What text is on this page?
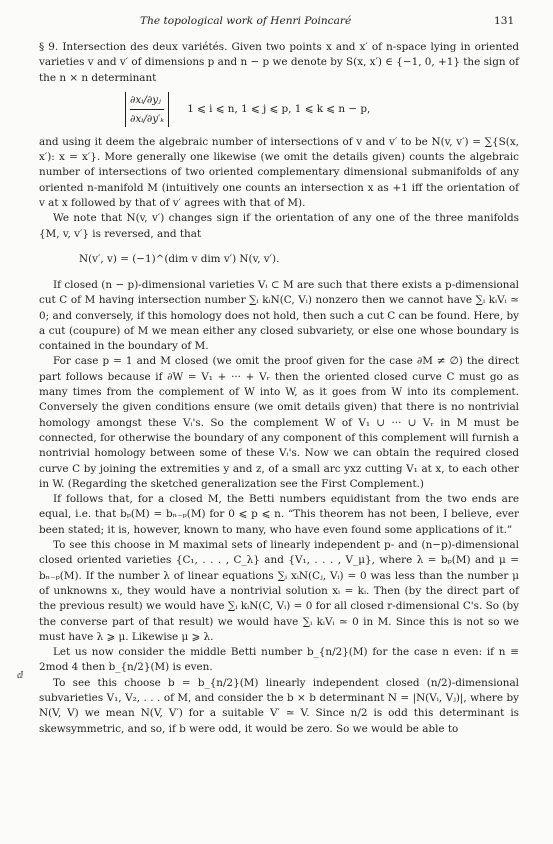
The topological work of Henri Poincaré	131
ⅆ

§ 9. Intersection des deux variétés. Given two points x and x′ of n-space lying in oriented varieties v and v′ of dimensions p and n − p we denote by S(x, x′) ∈ {−1, 0, +1} the sign of the n × n determinant

$\frac{\text{∂xᵢ/∂yⱼ}}{\text{∂xᵢ/∂y′ₖ}} 1$ ⩽ i ⩽ n, 1 ⩽ j ⩽ p, 1 ⩽ k ⩽ n − p,

and using it deem the algebraic number of intersections of v and v′ to be N(v, v′) = ∑{S(x, x′): x = x′}. More generally one likewise (we omit the details given) counts the algebraic number of intersections of two oriented complementary dimensional submanifolds of any oriented n-manifold M (intuitively one counts an intersection x as +1 iff the orientation of v at x followed by that of v′ agrees with that of M).

We note that N(v, v′) changes sign if the orientation of any one of the three manifolds {M, v, v′} is reversed, and that

N(v′, v) = (−1)^(dim v dim v′) N(v, v′).

If closed (n − p)-dimensional varieties Vᵢ ⊂ M are such that there exists a p-dimensional cut C of M having intersection number ∑ᵢ kᵢN(C, Vᵢ) nonzero then we cannot have ∑ᵢ kᵢVᵢ ≃ 0; and conversely, if this homology does not hold, then such a cut C can be found. Here, by a cut (coupure) of M we mean either any closed subvariety, or else one whose boundary is contained in the boundary of M.

For case p = 1 and M closed (we omit the proof given for the case ∂M ≠ ∅) the direct part follows because if ∂W = V₁ + ··· + Vᵣ then the oriented closed curve C must go as many times from the complement of W into W, as it goes from W into its complement. Conversely the given conditions ensure (we omit details given) that there is no nontrivial homology amongst these Vᵢ's. So the complement W of V₁ ∪ ··· ∪ Vᵣ in M must be connected, for otherwise the boundary of any component of this complement will furnish a nontrivial homology between some of these Vᵢ's. Now we can obtain the required closed curve C by joining the extremities y and z, of a small arc yxz cutting V₁ at x, to each other in W. (Regarding the sketched generalization see the First Complement.)

If follows that, for a closed M, the Betti numbers equidistant from the two ends are equal, i.e. that bₚ(M) = bₙ₋ₚ(M) for 0 ⩽ p ⩽ n. “This theorem has not been, I believe, ever been stated; it is, however, known to many, who have even found some applications of it.”

To see this choose in M maximal sets of linearly independent p- and (n−p)-dimensional closed oriented varieties {C₁, . . . , C_λ} and {V₁, . . . , V_μ}, where λ = bₚ(M) and μ = bₙ₋ₚ(M). If the number λ of linear equations ∑ᵢ xᵢN(Cⱼ, Vᵢ) = 0 was less than the number μ of unknowns xᵢ, they would have a nontrivial solution xᵢ = kᵢ. Then (by the direct part of the previous result) we would have ∑ᵢ kᵢN(C, Vᵢ) = 0 for all closed r-dimensional C's. So (by the converse part of that result) we would have ∑ᵢ kᵢVᵢ ≃ 0 in M. Since this is not so we must have λ ⩾ μ. Likewise μ ⩾ λ.

Let us now consider the middle Betti number b_{n/2}(M) for the case n even: if n ≡ 2mod 4 then b_{n/2}(M) is even.

To see this choose b = b_{n/2}(M) linearly independent closed (n/2)-dimensional subvarieties V₁, V₂, . . . of M, and consider the b × b determinant N = |N(Vᵢ, Vⱼ)|, where by N(V, V) we mean N(V, V′) for a suitable V′ ≃ V. Since n/2 is odd this determinant is skewsymmetric, and so, if b were odd, it would be zero. So we would be able to
